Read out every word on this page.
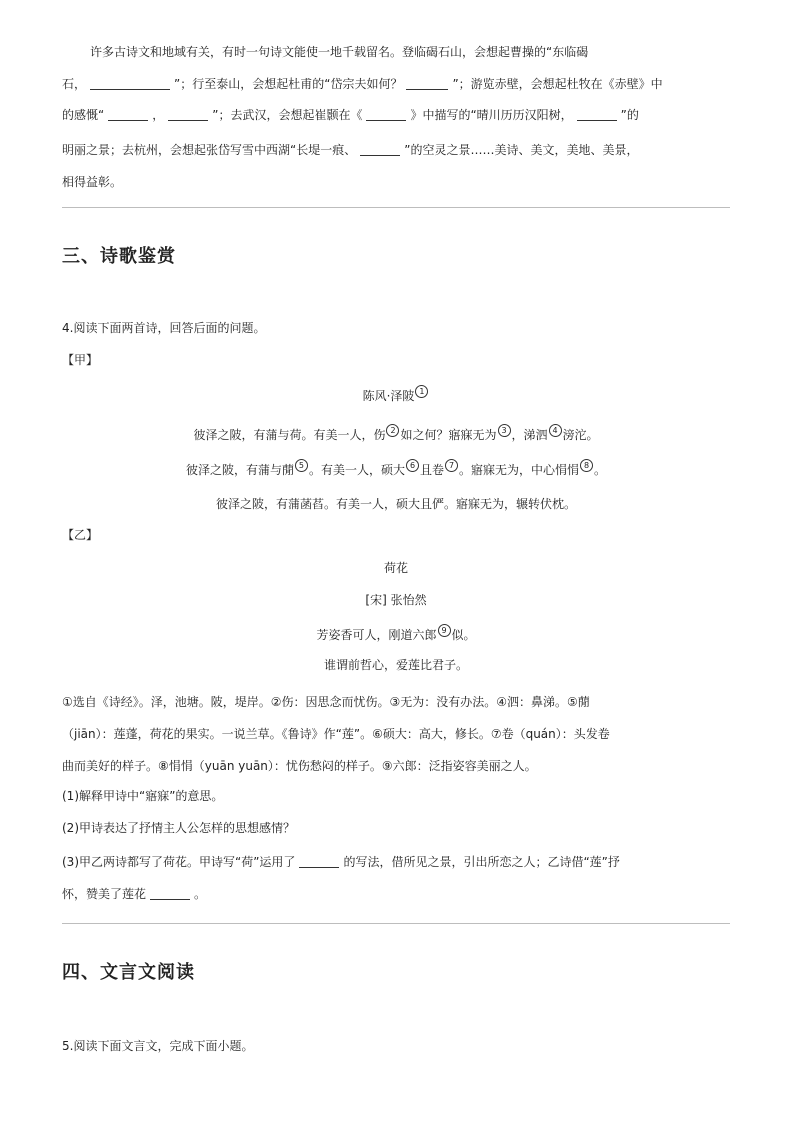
许多古诗文和地域有关，有时一句诗文能使一地千载留名。登临碣石山，会想起曹操的“东临碣
石，	”；行至泰山，会想起杜甫的“岱宗夫如何？	”；游览赤壁，会想起杜牧在《赤壁》中
的感慨“	，	”；去武汉，会想起崔颢在《	》中描写的“晴川历历汉阳树，	”的
明丽之景；去杭州，会想起张岱写雪中西湖“长堤一痕、	”的空灵之景……美诗、美文，美地、美景，
相得益彰。
三、诗歌鉴赏
4.阅读下面两首诗，回答后面的问题。
【甲】
陈风·泽陂 1
彼泽之陂，有蒲与荷。有美一人，伤 2 如之何？寤寐无为 3 ，涕泗 4 滂沱。
彼泽之陂，有蒲与蕑 5 。有美一人，硕大 6 且卷 7 。寤寐无为，中心悁悁 8 。
彼泽之陂，有蒲菡萏。有美一人，硕大且俨。寤寐无为，辗转伏枕。
【乙】
荷花
[宋] 张怡然
芳姿香可人，刚道六郎 9 似。
谁谓前哲心，爱莲比君子。
①选自《诗经》。泽，池塘。陂，堤岸。②伤：因思念而忧伤。③无为：没有办法。④泗：鼻涕。⑤蕑
（jiān）：莲蓬，荷花的果实。一说兰草。《鲁诗》作“莲”。⑥硕大：高大，修长。⑦卷（quán）：头发卷
曲而美好的样子。⑧悁悁（yuān yuān）：忧伤愁闷的样子。⑨六郎：泛指姿容美丽之人。
(1)解释甲诗中“寤寐”的意思。
(2)甲诗表达了抒情主人公怎样的思想感情？
(3)甲乙两诗都写了荷花。甲诗写“荷”运用了	的写法，借所见之景，引出所恋之人；乙诗借“莲”抒
怀，赞美了莲花	。
四、文言文阅读
5.阅读下面文言文，完成下面小题。
